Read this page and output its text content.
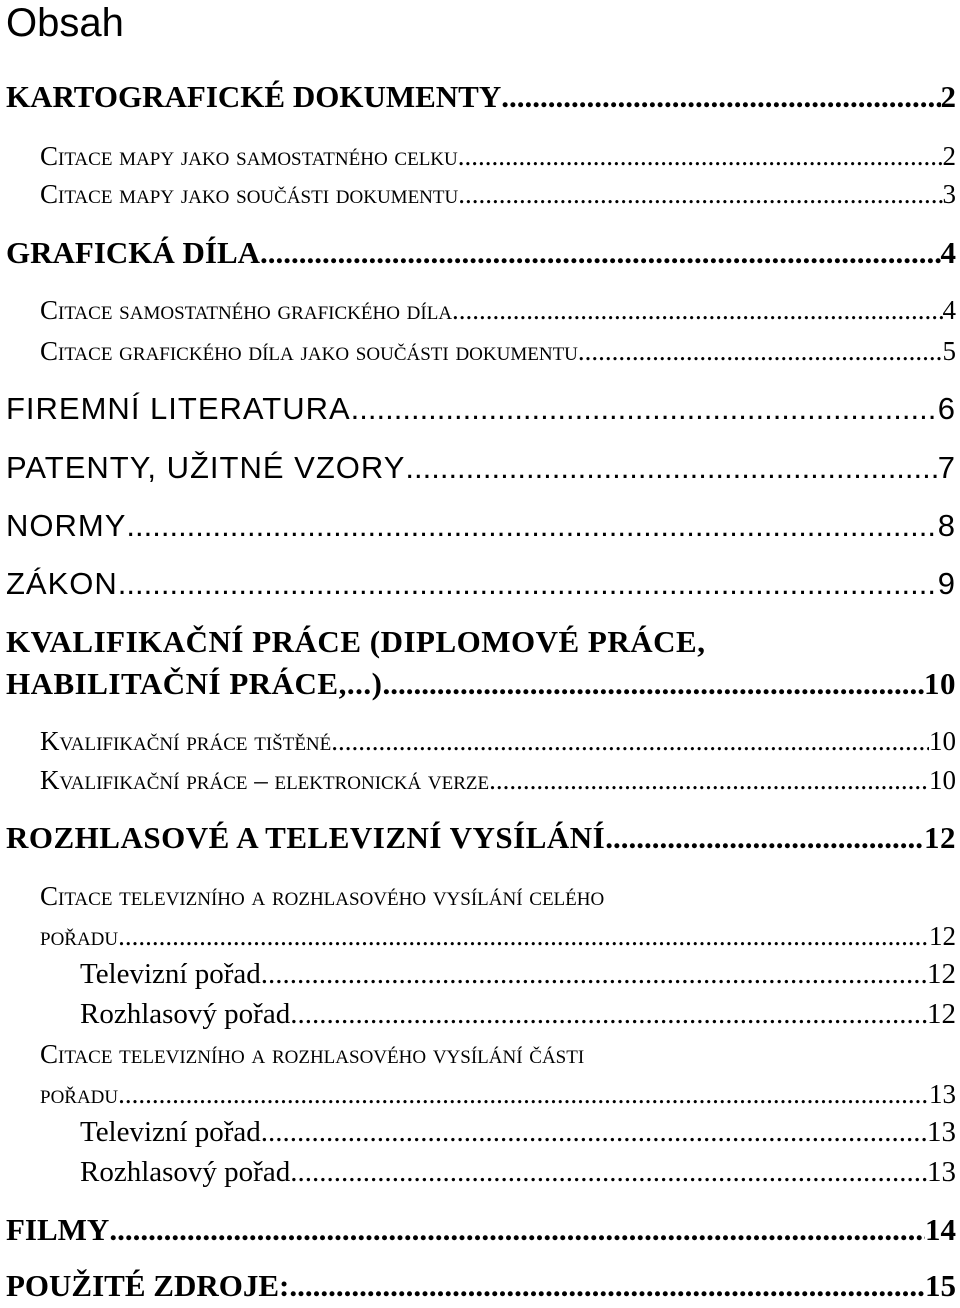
Obsah
KARTOGRAFICKÉ DOKUMENTY .....	2
Citace mapy jako samostatného celku .....	2
Citace mapy jako součásti dokumentu .....	3
GRAFICKÁ DÍLA .....	4
Citace samostatného grafického díla .....	4
Citace grafického díla jako součásti dokumentu .....	5
FIREMNÍ LITERATURA .....	6
PATENTY, UŽITNÉ VZORY .....	7
NORMY .....	8
ZÁKON .....	9
KVALIFIKAČNÍ PRÁCE (DIPLOMOVÉ PRÁCE,
HABILITAČNÍ PRÁCE,...) .....	10
Kvalifikační práce tištěné .....	10
Kvalifikační práce – elektronická verze .....	10
ROZHLASOVÉ A TELEVIZNÍ VYSÍLÁNÍ .....	12
Citace televizního a rozhlasového vysílání celého
pořadu .....	12
Televizní pořad .....	12
Rozhlasový pořad .....	12
Citace televizního a rozhlasového vysílání části
pořadu .....	13
Televizní pořad .....	13
Rozhlasový pořad .....	13
FILMY .....	14
POUŽITÉ ZDROJE: .....	15
